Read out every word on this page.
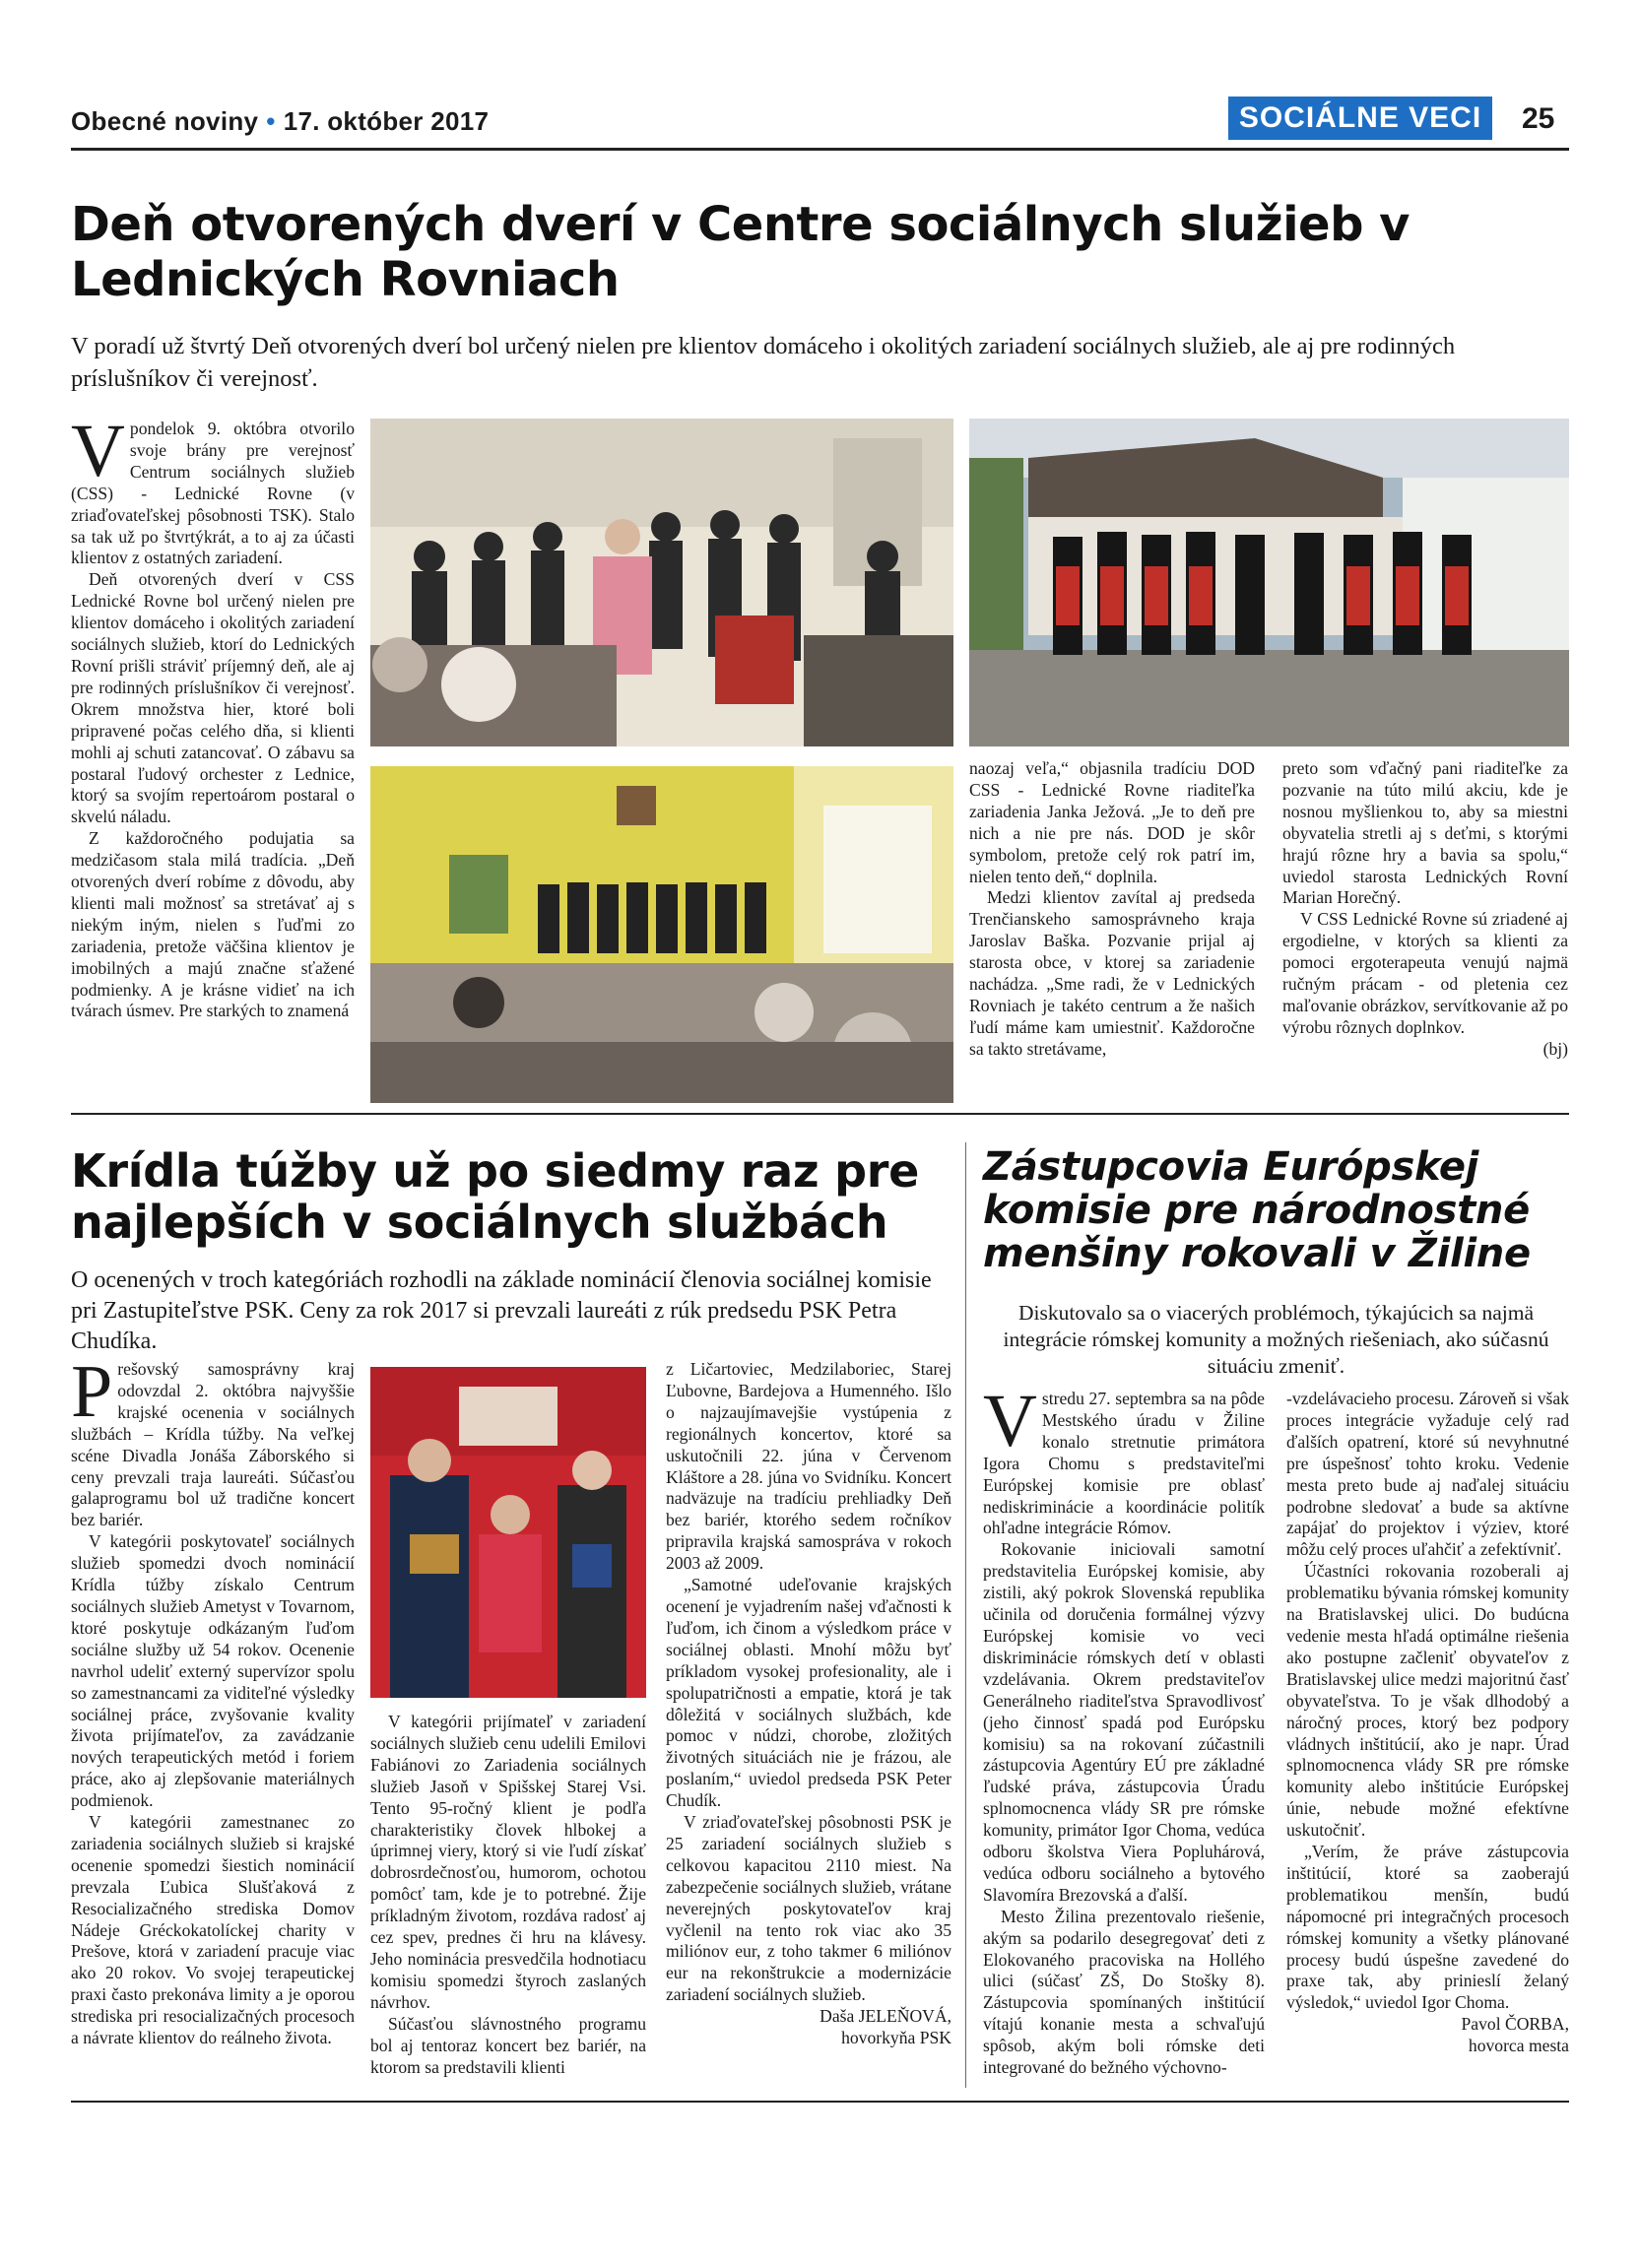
Obecné noviny • 17. október 2017	SOCIÁLNE VECI	25
Deň otvorených dverí v Centre sociálnych služieb v Lednických Rovniach
V poradí už štvrtý Deň otvorených dverí bol určený nielen pre klientov domáceho i okolitých zariadení sociálnych služieb, ale aj pre rodinných príslušníkov či verejnosť.

Vpondelok 9. októbra otvorilo svoje brány pre verejnosť Centrum sociálnych služieb (CSS) - Lednické Rovne (v zriaďovateľskej pôsobnosti TSK). Stalo sa tak už po štvrtýkrát, a to aj za účasti klientov z ostatných zariadení.

Deň otvorených dverí v CSS Lednické Rovne bol určený nielen pre klientov domáceho i okolitých zariadení sociálnych služieb, ktorí do Lednických Rovní prišli stráviť príjemný deň, ale aj pre rodinných príslušníkov či verejnosť. Okrem množstva hier, ktoré boli pripravené počas celého dňa, si klienti mohli aj schuti zatancovať. O zábavu sa postaral ľudový orchester z Lednice, ktorý sa svojím repertoárom postaral o skvelú náladu.

Z každoročného podujatia sa medzičasom stala milá tradícia. „Deň otvorených dverí robíme z dôvodu, aby klienti mali možnosť sa stretávať aj s niekým iným, nielen s ľuďmi zo zariadenia, pretože väčšina klientov je imobilných a majú značne sťažené podmienky. A je krásne vidieť na ich tvárach úsmev. Pre starkých to znamená

naozaj veľa,“ objasnila tradíciu DOD CSS - Lednické Rovne riaditeľka zariadenia Janka Ježová. „Je to deň pre nich a nie pre nás. DOD je skôr symbolom, pretože celý rok patrí im, nielen tento deň,“ doplnila.

Medzi klientov zavítal aj predseda Trenčianskeho samosprávneho kraja Jaroslav Baška. Pozvanie prijal aj starosta obce, v ktorej sa zariadenie nachádza. „Sme radi, že v Lednických Rovniach je takéto centrum a že našich ľudí máme kam umiestniť. Každoročne sa takto stretávame,

preto som vďačný pani riaditeľke za pozvanie na túto milú akciu, kde je nosnou myšlienkou to, aby sa miestni obyvatelia stretli aj s deťmi, s ktorými hrajú rôzne hry a bavia sa spolu,“ uviedol starosta Lednických Rovní Marian Horečný.

V CSS Lednické Rovne sú zriadené aj ergodielne, v ktorých sa klienti za pomoci ergoterapeuta venujú najmä ručným prácam - od pletenia cez maľovanie obrázkov, servítkovanie až po výrobu rôznych doplnkov.

(bj)

Krídla túžby už po siedmy raz pre najlepších v sociálnych službách
O ocenených v troch kategóriách rozhodli na základe nominácií členovia sociálnej komisie pri Zastupiteľstve PSK. Ceny za rok 2017 si prevzali laureáti z rúk predsedu PSK Petra Chudíka.

Prešovský samosprávny kraj odovzdal 2. októbra najvyššie krajské ocenenia v sociálnych službách – Krídla túžby. Na veľkej scéne Divadla Jonáša Záborského si ceny prevzali traja laureáti. Súčasťou galaprogramu bol už tradične koncert bez bariér.

V kategórii poskytovateľ sociálnych služieb spomedzi dvoch nominácií Krídla túžby získalo Centrum sociálnych služieb Ametyst v Tovarnom, ktoré poskytuje odkázaným ľuďom sociálne služby už 54 rokov. Ocenenie navrhol udeliť externý supervízor spolu so zamestnancami za viditeľné výsledky sociálnej práce, zvyšovanie kvality života prijímateľov, za zavádzanie nových terapeutických metód i foriem práce, ako aj zlepšovanie materiálnych podmienok.

V kategórii zamestnanec zo zariadenia sociálnych služieb si krajské ocenenie spomedzi šiestich nominácií prevzala Ľubica Slušťaková z Resocializačného strediska Domov Nádeje Gréckokatolíckej charity v Prešove, ktorá v zariadení pracuje viac ako 20 rokov. Vo svojej terapeutickej praxi často prekonáva limity a je oporou strediska pri resocializačných procesoch a návrate klientov do reálneho života.

V kategórii prijímateľ v zariadení sociálnych služieb cenu udelili Emilovi Fabiánovi zo Zariadenia sociálnych služieb Jasoň v Spišskej Starej Vsi. Tento 95-ročný klient je podľa charakteristiky človek hlbokej a úprimnej viery, ktorý si vie ľudí získať dobrosrdečnosťou, humorom, ochotou pomôcť tam, kde je to potrebné. Žije príkladným životom, rozdáva radosť aj cez spev, prednes či hru na klávesy. Jeho nominácia presvedčila hodnotiacu komisiu spomedzi štyroch zaslaných návrhov.

Súčasťou slávnostného programu bol aj tentoraz koncert bez bariér, na ktorom sa predstavili klienti

z Ličartoviec, Medzilaboriec, Starej Ľubovne, Bardejova a Humenného. Išlo o najzaujímavejšie vystúpenia z regionálnych koncertov, ktoré sa uskutočnili 22. júna v Červenom Kláštore a 28. júna vo Svidníku. Koncert nadväzuje na tradíciu prehliadky Deň bez bariér, ktorého sedem ročníkov pripravila krajská samospráva v rokoch 2003 až 2009.

„Samotné udeľovanie krajských ocenení je vyjadrením našej vďačnosti k ľuďom, ich činom a výsledkom práce v sociálnej oblasti. Mnohí môžu byť príkladom vysokej profesionality, ale i spolupatričnosti a empatie, ktorá je tak dôležitá v sociálnych službách, kde pomoc v núdzi, chorobe, zložitých životných situáciách nie je frázou, ale poslaním,“ uviedol predseda PSK Peter Chudík.

V zriaďovateľskej pôsobnosti PSK je 25 zariadení sociálnych služieb s celkovou kapacitou 2110 miest. Na zabezpečenie sociálnych služieb, vrátane neverejných poskytovateľov kraj vyčlenil na tento rok viac ako 35 miliónov eur, z toho takmer 6 miliónov eur na rekonštrukcie a modernizácie zariadení sociálnych služieb.

Daša JELEŇOVÁ,

hovorkyňa PSK

Zástupcovia Európskej komisie pre národnostné menšiny rokovali v Žiline
Diskutovalo sa o viacerých problémoch, týkajúcich sa najmä integrácie rómskej komunity a možných riešeniach, ako súčasnú situáciu zmeniť.

Vstredu 27. septembra sa na pôde Mestského úradu v Žiline konalo stretnutie primátora Igora Chomu s predstaviteľmi Európskej komisie pre oblasť nediskriminácie a koordinácie politík ohľadne integrácie Rómov.

Rokovanie iniciovali samotní predstavitelia Európskej komisie, aby zistili, aký pokrok Slovenská republika učinila od doručenia formálnej výzvy Európskej komisie vo veci diskriminácie rómskych detí v oblasti vzdelávania. Okrem predstaviteľov Generálneho riaditeľstva Spravodlivosť (jeho činnosť spadá pod Európsku komisiu) sa na rokovaní zúčastnili zástupcovia Agentúry EÚ pre základné ľudské práva, zástupcovia Úradu splnomocnenca vlády SR pre rómske komunity, primátor Igor Choma, vedúca odboru školstva Viera Popluhárová, vedúca odboru sociálneho a bytového Slavomíra Brezovská a ďalší.

Mesto Žilina prezentovalo riešenie, akým sa podarilo desegregovať deti z Elokovaného pracoviska na Hollého ulici (súčasť ZŠ, Do Stošky 8). Zástupcovia spomínaných inštitúcií vítajú konanie mesta a schvaľujú spôsob, akým boli rómske deti integrované do bežného výchovno-

-vzdelávacieho procesu. Zároveň si však proces integrácie vyžaduje celý rad ďalších opatrení, ktoré sú nevyhnutné pre úspešnosť tohto kroku. Vedenie mesta preto bude aj naďalej situáciu podrobne sledovať a bude sa aktívne zapájať do projektov i výziev, ktoré môžu celý proces uľahčiť a zefektívniť.

Účastníci rokovania rozoberali aj problematiku bývania rómskej komunity na Bratislavskej ulici. Do budúcna vedenie mesta hľadá optimálne riešenia ako postupne začleniť obyvateľov z Bratislavskej ulice medzi majoritnú časť obyvateľstva. To je však dlhodobý a náročný proces, ktorý bez podpory vládnych inštitúcií, ako je napr. Úrad splnomocnenca vlády SR pre rómske komunity alebo inštitúcie Európskej únie, nebude možné efektívne uskutočniť.

„Verím, že práve zástupcovia inštitúcií, ktoré sa zaoberajú problematikou menšín, budú nápomocné pri integračných procesoch rómskej komunity a všetky plánované procesy budú úspešne zavedené do praxe tak, aby prinieslí želaný výsledok,“ uviedol Igor Choma.

Pavol ČORBA,

hovorca mesta
